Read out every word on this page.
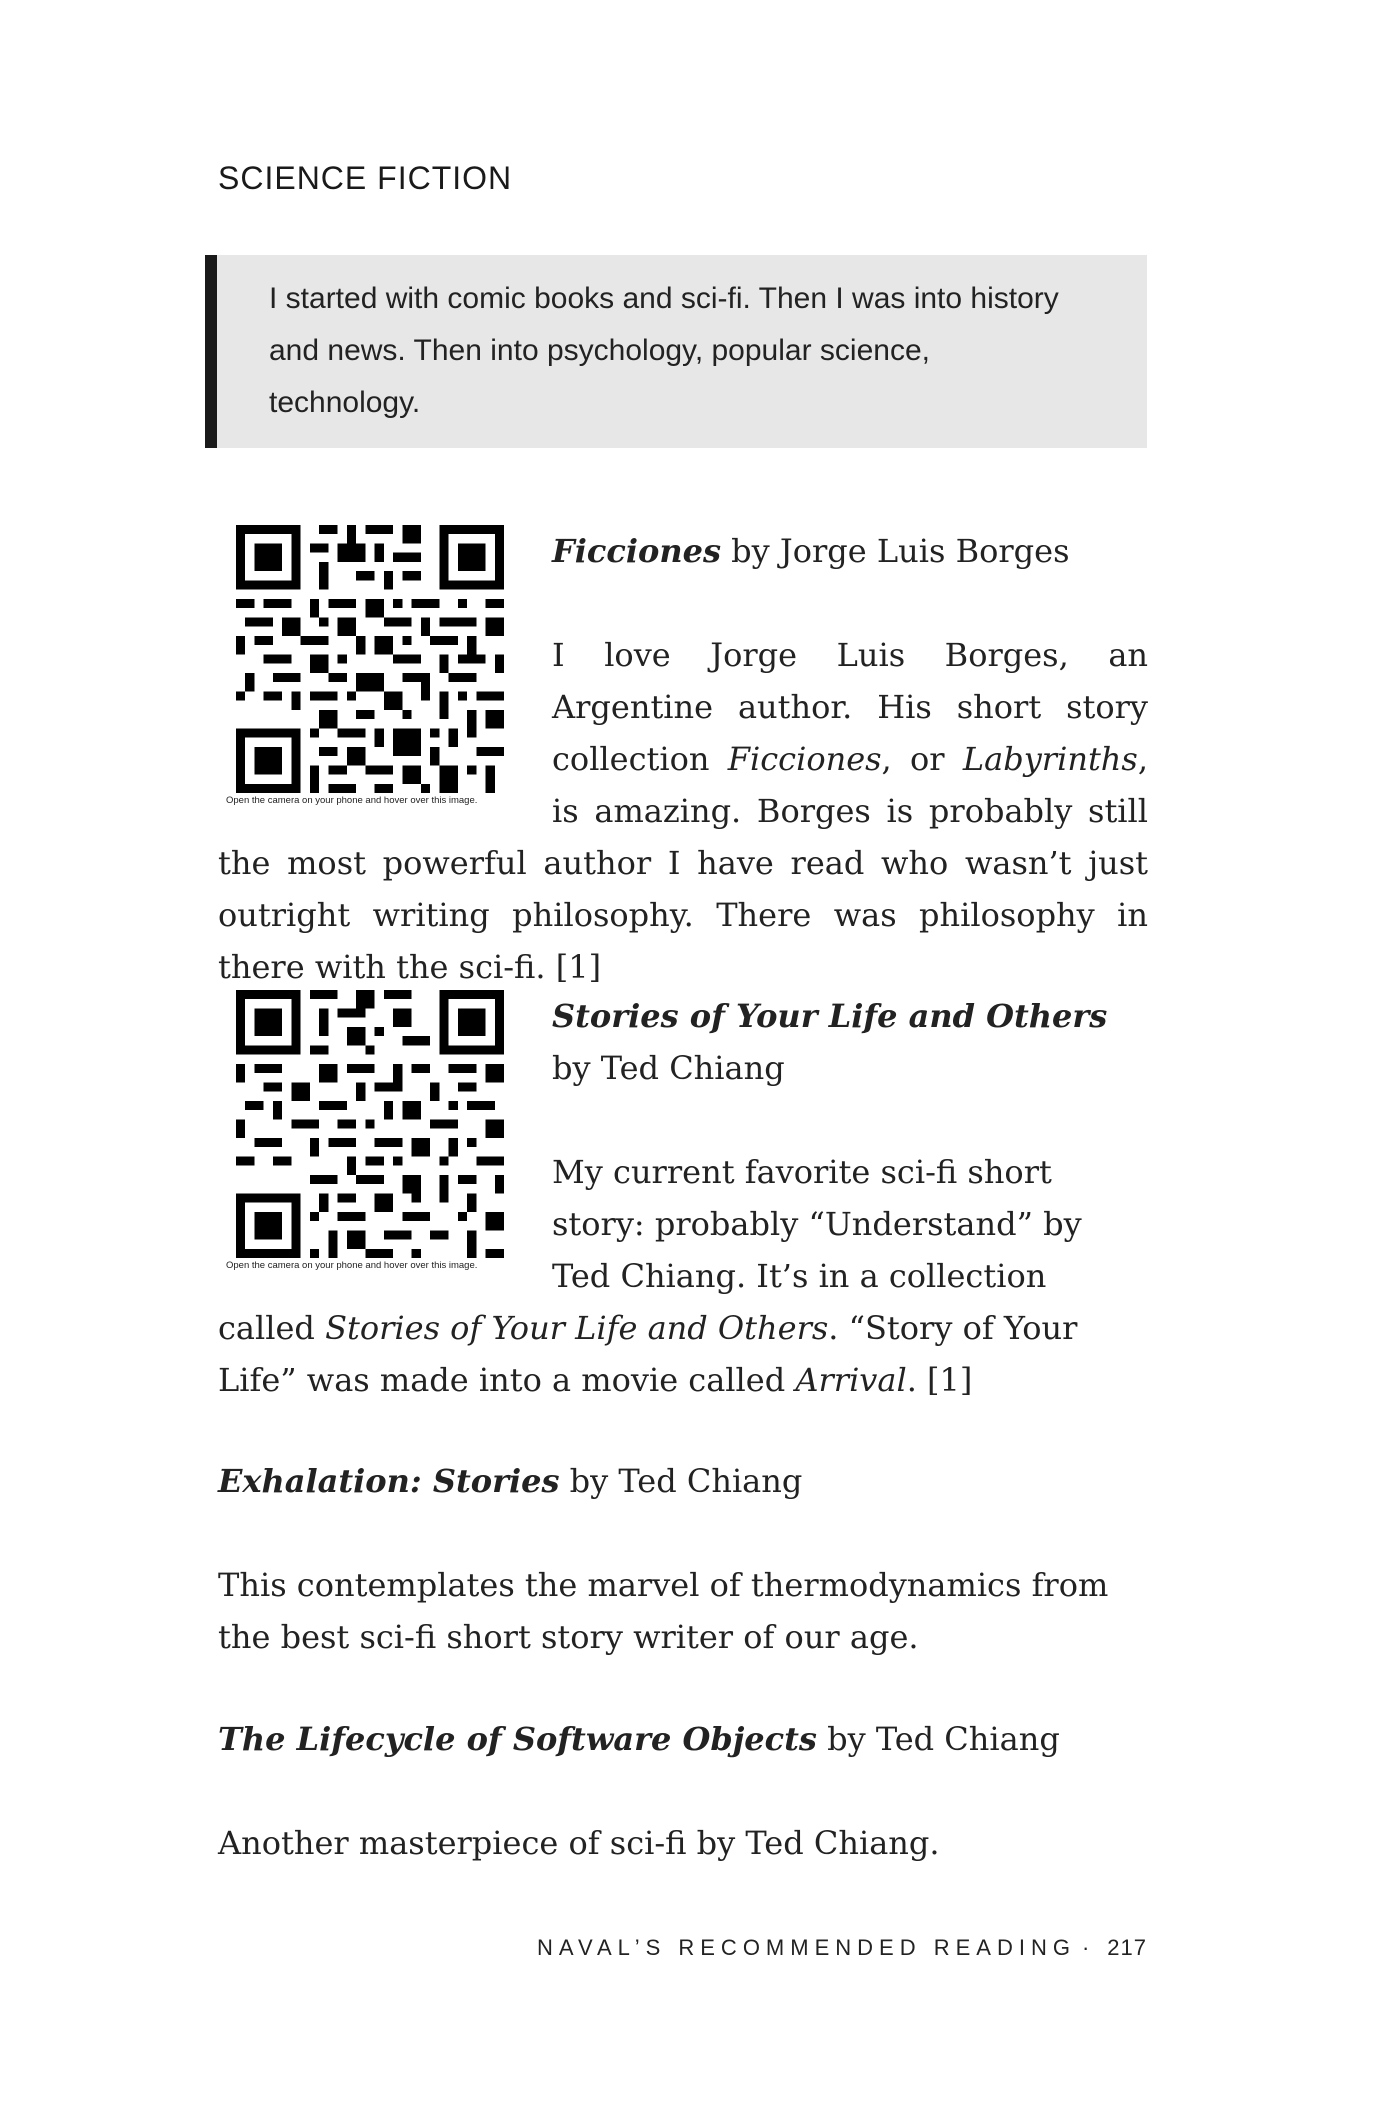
SCIENCE FICTION
I started with comic books and sci-fi. Then I was into history and news. Then into psychology, popular science, technology.
Open the camera on your phone and hover over this image.

Ficciones by Jorge Luis Borges

I love Jorge Luis Borges, an Argentine author. His short story collection Ficciones, or Labyrinths, is amazing. Borges is probably still the most powerful author I have read who wasn’t just outright writing philosophy. There was philosophy in there with the sci-fi. [1]

Open the camera on your phone and hover over this image.

Stories of Your Life and Others by Ted Chiang

My current favorite sci-fi short story: probably “Understand” by Ted Chiang. It’s in a collection called Stories of Your Life and Others. “Story of Your Life” was made into a movie called Arrival. [1]

Exhalation: Stories by Ted Chiang

This contemplates the marvel of thermodynamics from the best sci-fi short story writer of our age.

The Lifecycle of Software Objects by Ted Chiang

Another masterpiece of sci-fi by Ted Chiang.

NAVAL’S RECOMMENDED READING · 217
